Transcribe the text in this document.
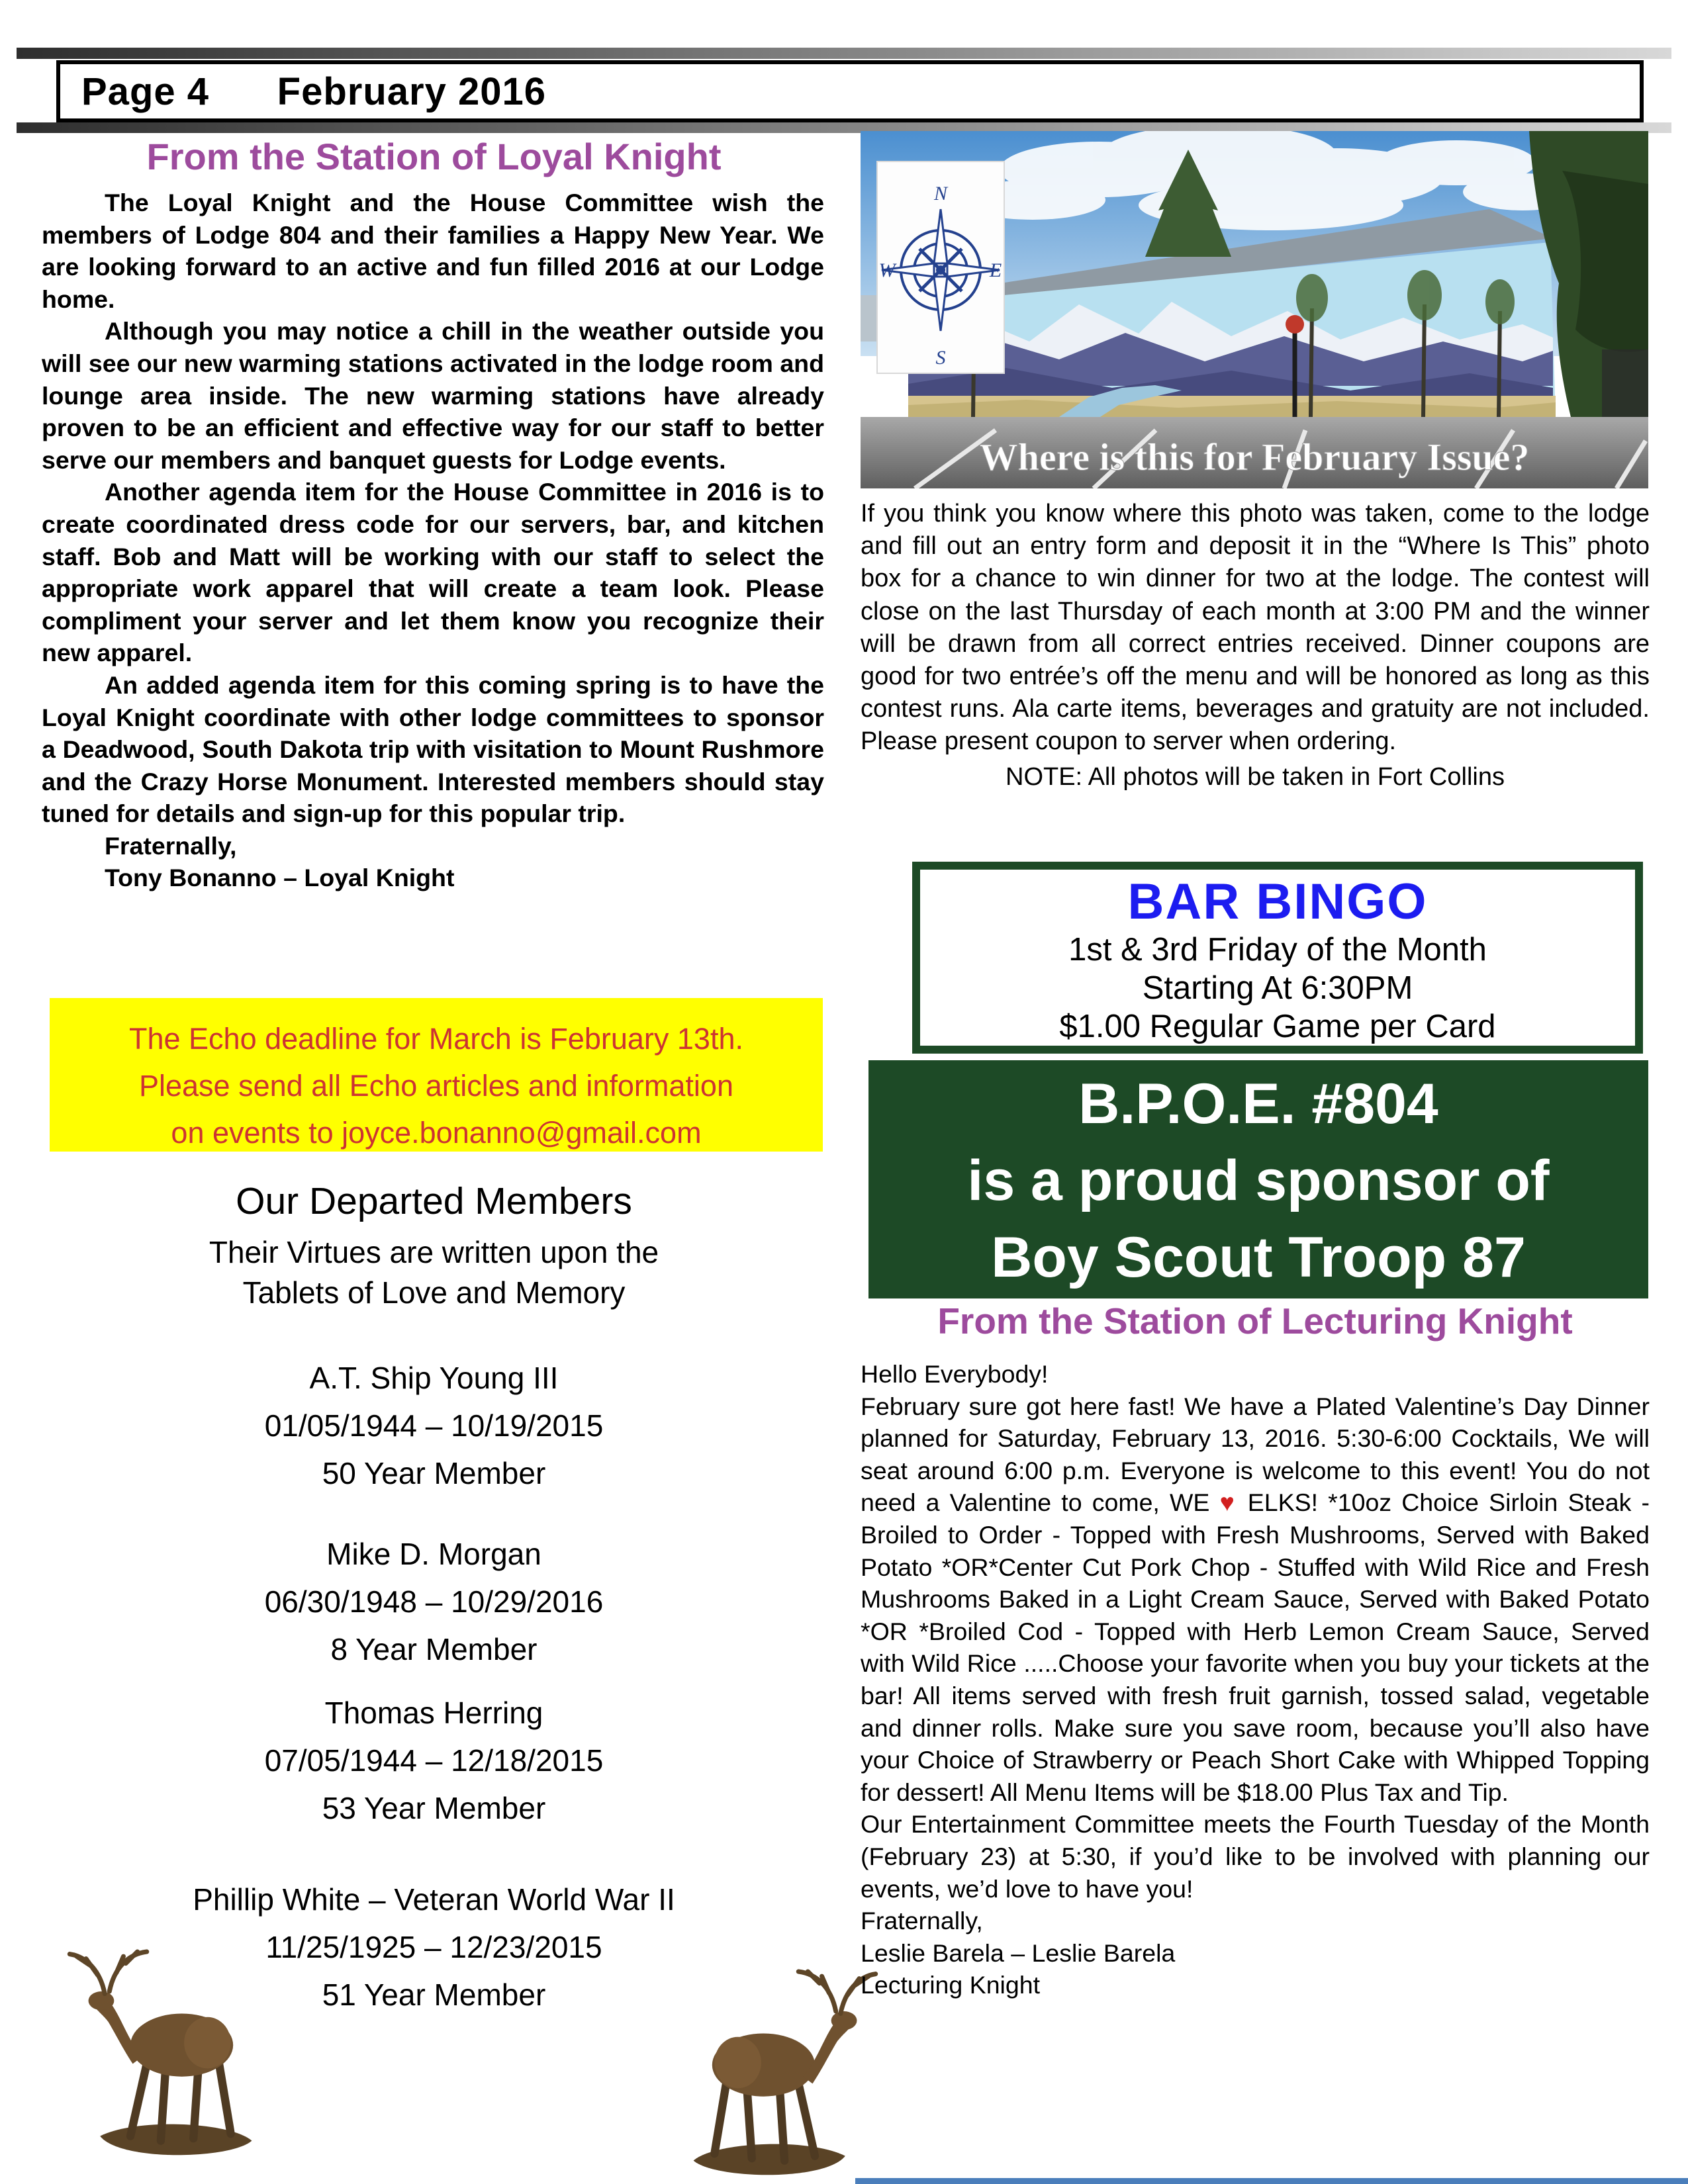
Page 4      February 2016
From the Station of Loyal Knight

The Loyal Knight and the House Committee wish the members of Lodge 804 and their families a Happy New Year. We are looking forward to an active and fun filled 2016 at our Lodge home.

Although you may notice a chill in the weather outside you will see our new warming stations activated in the lodge room and lounge area inside. The new warming stations have already proven to be an efficient and effective way for our staff to better serve our members and banquet guests for Lodge events.

Another agenda item for the House Committee in 2016 is to create coordinated dress code for our servers, bar, and kitchen staff. Bob and Matt will be working with our staff to select the appropriate work apparel that will create a team look. Please compliment your server and let them know you recognize their new apparel.

An added agenda item for this coming spring is to have the Loyal Knight coordinate with other lodge committees to sponsor a Deadwood, South Dakota trip with visitation to Mount Rushmore and the Crazy Horse Monument. Interested members should stay tuned for details and sign-up for this popular trip.

Fraternally,

Tony Bonanno – Loyal Knight

The Echo deadline for March is February 13th.
Please send all Echo articles and information
on events to joyce.bonanno@gmail.com
Our Departed Members
Their Virtues are written upon the
Tablets of Love and Memory
A.T. Ship Young III
01/05/1944 – 10/19/2015
50 Year Member
Mike D. Morgan
06/30/1948 – 10/29/2016
8 Year Member
Thomas Herring
07/05/1944 – 12/18/2015
53 Year Member
Phillip White – Veteran World War II
11/25/1925 – 12/23/2015
51 Year Member
N
E
S
W
Where is this for February Issue?
If you think you know where this photo was taken, come to the lodge and fill out an entry form and deposit it in the “Where Is This” photo box for a chance to win dinner for two at the lodge. The contest will close on the last Thursday of each month at 3:00 PM and the winner will be drawn from all correct entries received. Dinner coupons are good for two entrée’s off the menu and will be honored as long as this contest runs. Ala carte items, beverages and gratuity are not included. Please present coupon to server when ordering.
NOTE: All photos will be taken in Fort Collins
BAR BINGO
1st & 3rd Friday of the Month
Starting At 6:30PM
$1.00 Regular Game per Card
B.P.O.E. #804
is a proud sponsor of
Boy Scout Troop 87
From the Station of Lecturing Knight

Hello Everybody!

February sure got here fast! We have a Plated Valentine’s Day Dinner planned for Saturday, February 13, 2016. 5:30-6:00 Cocktails, We will seat around 6:00 p.m. Everyone is welcome to this event! You do not need a Valentine to come, WE ♥ ELKS! *10oz Choice Sirloin Steak - Broiled to Order - Topped with Fresh Mushrooms, Served with Baked Potato *OR*Center Cut Pork Chop - Stuffed with Wild Rice and Fresh Mushrooms Baked in a Light Cream Sauce, Served with Baked Potato *OR *Broiled Cod - Topped with Herb Lemon Cream Sauce, Served with Wild Rice .....Choose your favorite when you buy your tickets at the bar! All items served with fresh fruit garnish, tossed salad, vegetable and dinner rolls. Make sure you save room, because you’ll also have your Choice of Strawberry or Peach Short Cake with Whipped Topping for dessert! All Menu Items will be $18.00 Plus Tax and Tip.

Our Entertainment Committee meets the Fourth Tuesday of the Month (February 23) at 5:30, if you’d like to be involved with planning our events, we’d love to have you!

Fraternally,

Leslie Barela – Leslie Barela

Lecturing Knight
